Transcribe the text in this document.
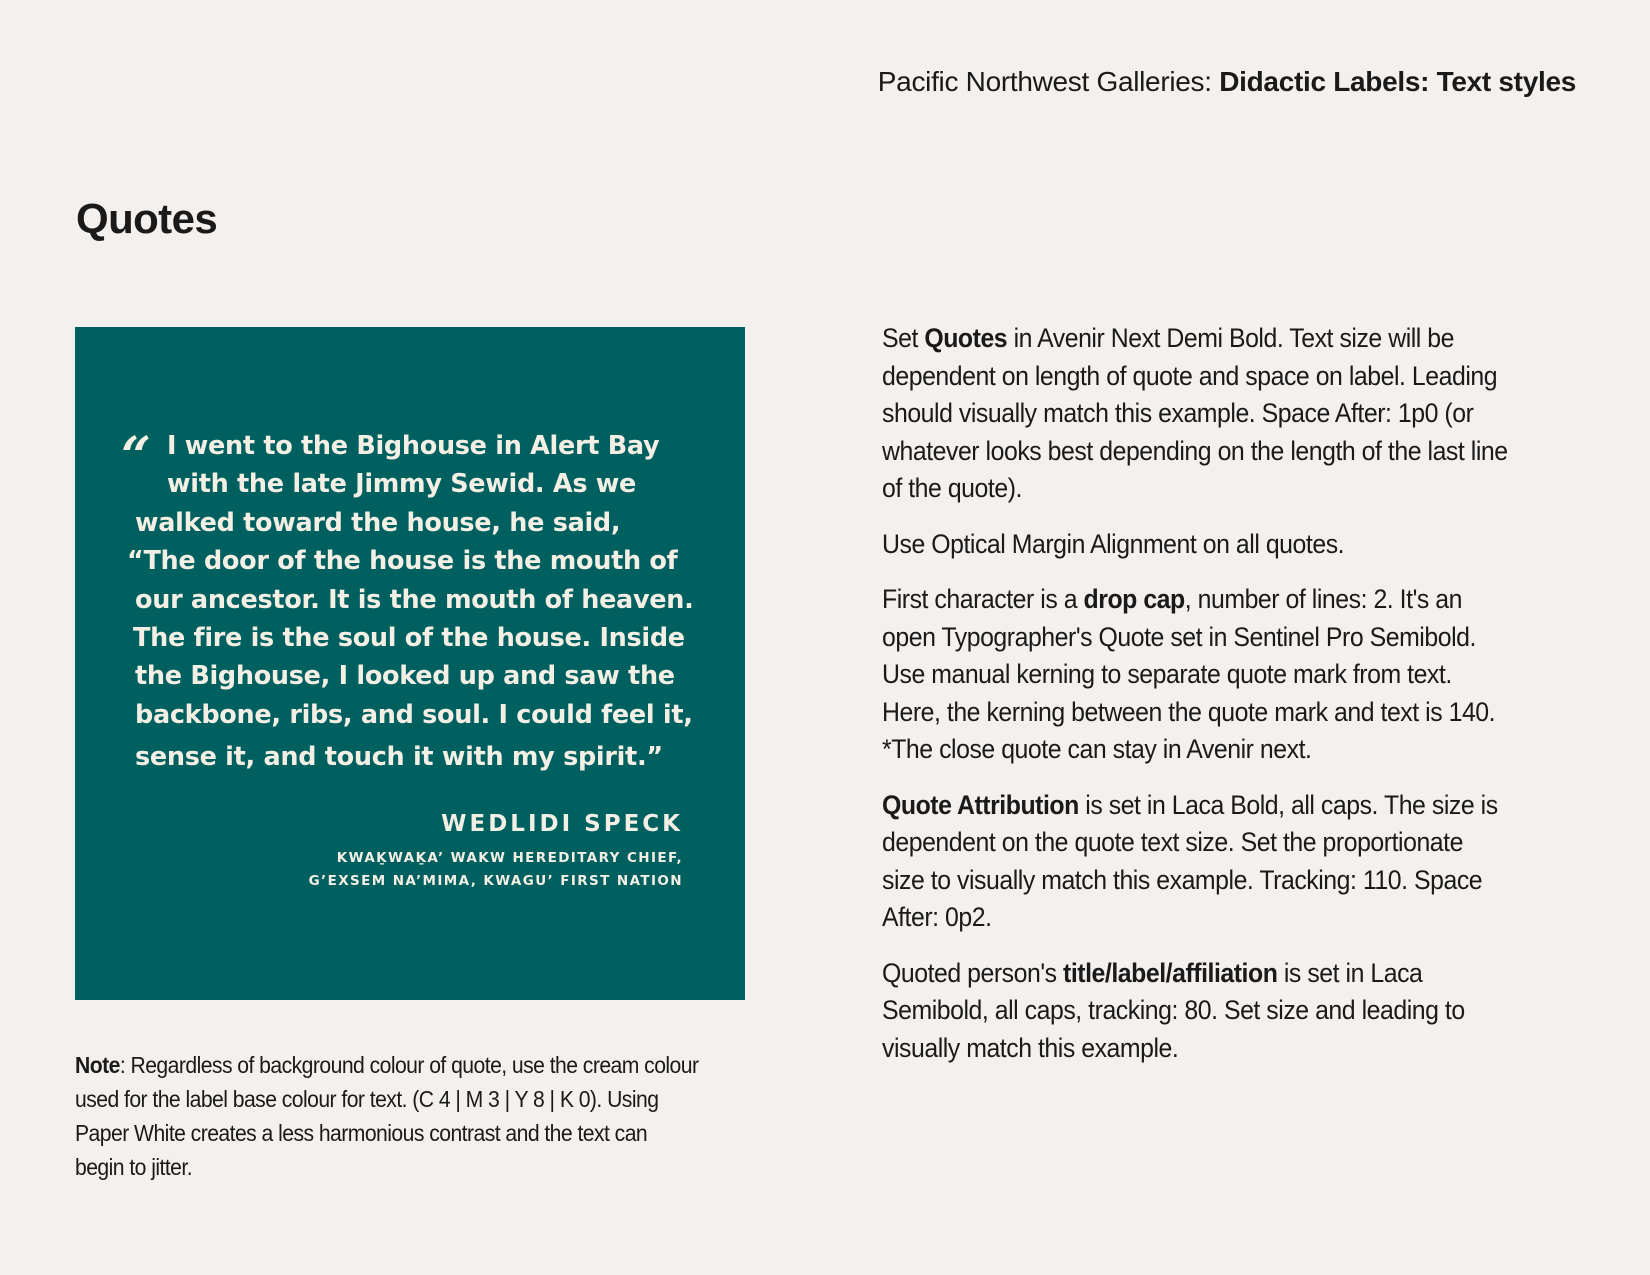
Pacific Northwest Galleries: Didactic Labels: Text styles
Quotes
“ I went to the Bighouse in Alert Bay
with the late Jimmy Sewid. As we
walked toward the house, he said,
“The door of the house is the mouth of
our ancestor. It is the mouth of heaven.
The fire is the soul of the house. Inside
the Bighouse, I looked up and saw the
backbone, ribs, and soul. I could feel it,
sense it, and touch it with my spirit.”
WEDLIDI SPECK
KWAḴWAḴA’ WAKW HEREDITARY CHIEF,
G’EXSEM NA’MIMA, KWAGU’ FIRST NATION

Note: Regardless of background colour of quote, use the cream colour used for the label base colour for text. (C 4 | M 3 | Y 8 | K 0). Using Paper White creates a less harmonious contrast and the text can begin to jitter.

Set Quotes in Avenir Next Demi Bold. Text size will be dependent on length of quote and space on label. Leading should visually match this example. Space After: 1p0 (or whatever looks best depending on the length of the last line of the quote).

Use Optical Margin Alignment on all quotes.

First character is a drop cap, number of lines: 2. It's an open Typographer's Quote set in Sentinel Pro Semibold. Use manual kerning to separate quote mark from text. Here, the kerning between the quote mark and text is 140. *The close quote can stay in Avenir next.

Quote Attribution is set in Laca Bold, all caps. The size is dependent on the quote text size. Set the proportionate size to visually match this example. Tracking: 110. Space After: 0p2.

Quoted person's title/label/affiliation is set in Laca Semibold, all caps, tracking: 80. Set size and leading to visually match this example.
